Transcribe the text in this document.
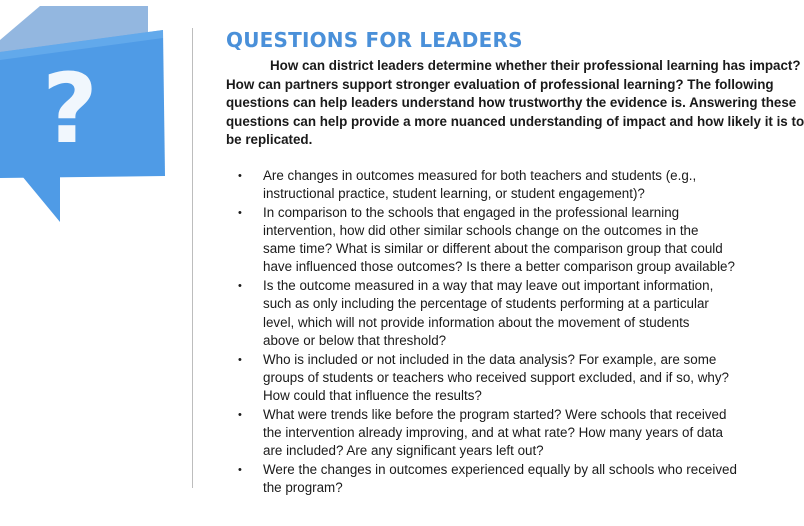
?
QUESTIONS FOR LEADERS

How can district leaders determine whether their professional learning has impact?
How can partners support stronger evaluation of professional learning? The following
questions can help leaders understand how trustworthy the evidence is. Answering these
questions can help provide a more nuanced understanding of impact and how likely it is to
be replicated.

• Are changes in outcomes measured for both teachers and students (e.g.,
instructional practice, student learning, or student engagement)?
• In comparison to the schools that engaged in the professional learning
intervention, how did other similar schools change on the outcomes in the
same time? What is similar or different about the comparison group that could
have influenced those outcomes? Is there a better comparison group available?
• Is the outcome measured in a way that may leave out important information,
such as only including the percentage of students performing at a particular
level, which will not provide information about the movement of students
above or below that threshold?
• Who is included or not included in the data analysis? For example, are some
groups of students or teachers who received support excluded, and if so, why?
How could that influence the results?
• What were trends like before the program started? Were schools that received
the intervention already improving, and at what rate? How many years of data
are included? Are any significant years left out?
• Were the changes in outcomes experienced equally by all schools who received
the program?
